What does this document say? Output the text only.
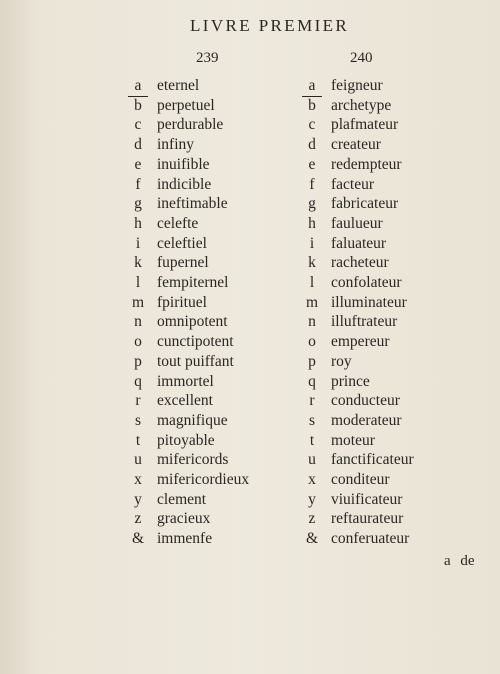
LIVRE PREMIER
239	240
a	eternel	a	feigneur
b perpetuel	b archetype
c	perdurable	c	plafmateur
d infiny	d createur
e	inuifible	e	redempteur
f	indicible	f	facteur
g ineftimable	g fabricateur
h celefte	h faulueur
i	celeftiel	i	faluateur
k fupernel	k racheteur
l	fempiternel	l	confolateur
m fpirituel	m illuminateur
n omnipotent	n illuftrateur
o cunctipotent	o empereur
p tout puiffant	p roy
q immortel	q prince
r	excellent	r	conducteur
s	magnifique	s	moderateur
t	pitoyable	t	moteur
u mifericords	u fanctificateur
x mifericordieux	x conditeur
y clement	y viuificateur
z	gracieux	z	reftaurateur
& immenfe	& conferuateur
a de
